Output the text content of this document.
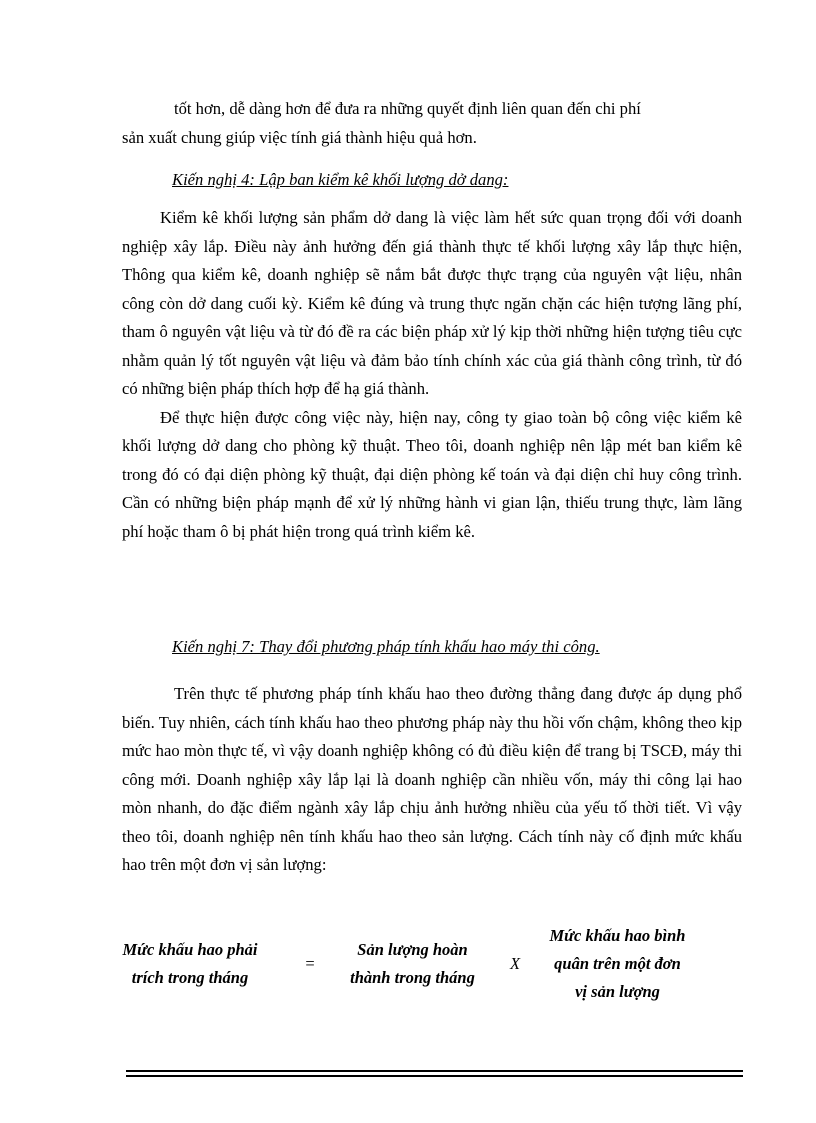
tốt hơn, dễ dàng hơn để đưa ra những quyết định liên quan đến chi phí

sản xuất chung giúp việc tính giá thành hiệu quả hơn.

Kiến nghị 4: Lập ban kiểm kê khối lượng dở dang:

Kiểm kê khối lượng sản phẩm dở dang là việc làm hết sức quan trọng đối với doanh nghiệp xây lắp. Điều này ảnh hưởng đến giá thành thực tế khối lượng xây lắp thực hiện, Thông qua kiểm kê, doanh nghiệp sẽ nắm bắt được thực trạng của nguyên vật liệu, nhân công còn dở dang cuối kỳ. Kiểm kê đúng và trung thực ngăn chặn các hiện tượng lãng phí, tham ô nguyên vật liệu và từ đó đề ra các biện pháp xử lý kịp thời những hiện tượng tiêu cực nhằm quản lý tốt nguyên vật liệu và đảm bảo tính chính xác của giá thành công trình, từ đó có những biện pháp thích hợp để hạ giá thành.

Để thực hiện được công việc này, hiện nay, công ty giao toàn bộ công việc kiểm kê khối lượng dở dang cho phòng kỹ thuật. Theo tôi, doanh nghiệp nên lập mét ban kiểm kê trong đó có đại diện phòng kỹ thuật, đại diện phòng kế toán và đại diện chỉ huy công trình. Cần có những biện pháp mạnh để xử lý những hành vi gian lận, thiếu trung thực, làm lãng phí hoặc tham ô bị phát hiện trong quá trình kiểm kê.

Kiến nghị 7: Thay đổi phương pháp tính khấu hao máy thi công.

Trên thực tế phương pháp tính khấu hao theo đường thẳng đang được áp dụng phổ biến. Tuy nhiên, cách tính khấu hao theo phương pháp này thu hồi vốn chậm, không theo kịp mức hao mòn thực tế, vì vậy doanh nghiệp không có đủ điều kiện để trang bị TSCĐ, máy thi công mới. Doanh nghiệp xây lắp lại là doanh nghiệp cần nhiều vốn, máy thi công lại hao mòn nhanh, do đặc điểm ngành xây lắp chịu ảnh hưởng nhiều của yếu tố thời tiết. Vì vậy theo tôi, doanh nghiệp nên tính khấu hao theo sản lượng. Cách tính này cố định mức khấu hao trên một đơn vị sản lượng:

Mức khấu hao phải
trích trong tháng
=
Sản lượng hoàn
thành trong tháng
X
Mức khấu hao bình
quân trên một đơn
vị sản lượng
